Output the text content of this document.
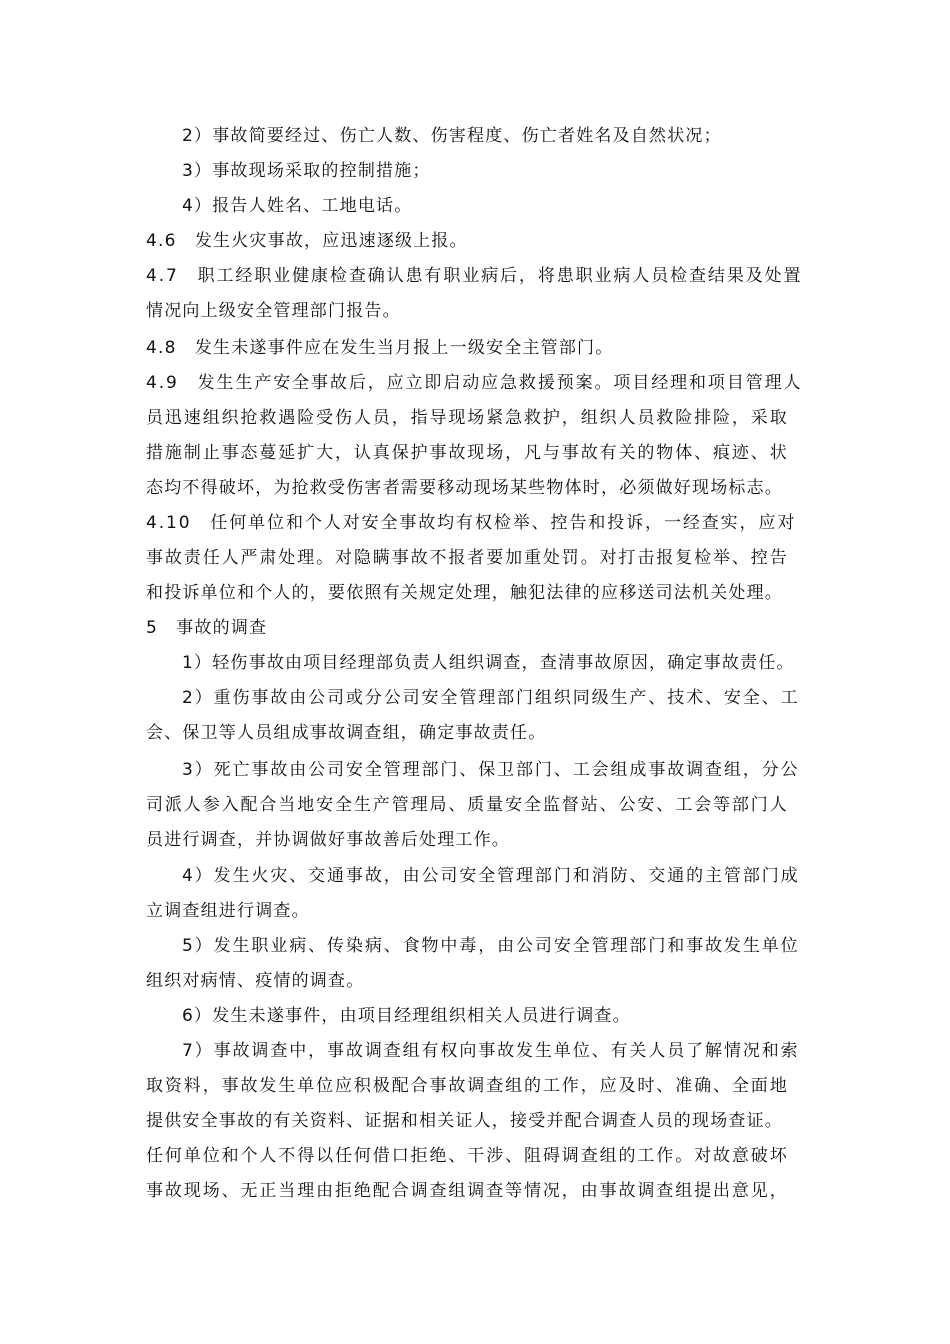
2）事故简要经过、伤亡人数、伤害程度、伤亡者姓名及自然状况；
3）事故现场采取的控制措施；
4）报告人姓名、工地电话。
4.6　发生火灾事故，应迅速逐级上报。
4.7　职工经职业健康检查确认患有职业病后，将患职业病人员检查结果及处置
情况向上级安全管理部门报告。
4.8　发生未遂事件应在发生当月报上一级安全主管部门。
4.9　发生生产安全事故后，应立即启动应急救援预案。项目经理和项目管理人
员迅速组织抢救遇险受伤人员，指导现场紧急救护，组织人员救险排险，采取
措施制止事态蔓延扩大，认真保护事故现场，凡与事故有关的物体、痕迹、状
态均不得破坏，为抢救受伤害者需要移动现场某些物体时，必须做好现场标志。
4.10　任何单位和个人对安全事故均有权检举、控告和投诉，一经查实，应对
事故责任人严肃处理。对隐瞒事故不报者要加重处罚。对打击报复检举、控告
和投诉单位和个人的，要依照有关规定处理，触犯法律的应移送司法机关处理。
5　事故的调查
1）轻伤事故由项目经理部负责人组织调查，查清事故原因，确定事故责任。
2）重伤事故由公司或分公司安全管理部门组织同级生产、技术、安全、工
会、保卫等人员组成事故调查组，确定事故责任。
3）死亡事故由公司安全管理部门、保卫部门、工会组成事故调查组，分公
司派人参入配合当地安全生产管理局、质量安全监督站、公安、工会等部门人
员进行调查，并协调做好事故善后处理工作。
4）发生火灾、交通事故，由公司安全管理部门和消防、交通的主管部门成
立调查组进行调查。
5）发生职业病、传染病、食物中毒，由公司安全管理部门和事故发生单位
组织对病情、疫情的调查。
6）发生未遂事件，由项目经理组织相关人员进行调查。
7）事故调查中，事故调查组有权向事故发生单位、有关人员了解情况和索
取资料，事故发生单位应积极配合事故调查组的工作，应及时、准确、全面地
提供安全事故的有关资料、证据和相关证人，接受并配合调查人员的现场查证。
任何单位和个人不得以任何借口拒绝、干涉、阻碍调查组的工作。对故意破坏
事故现场、无正当理由拒绝配合调查组调查等情况，由事故调查组提出意见，
